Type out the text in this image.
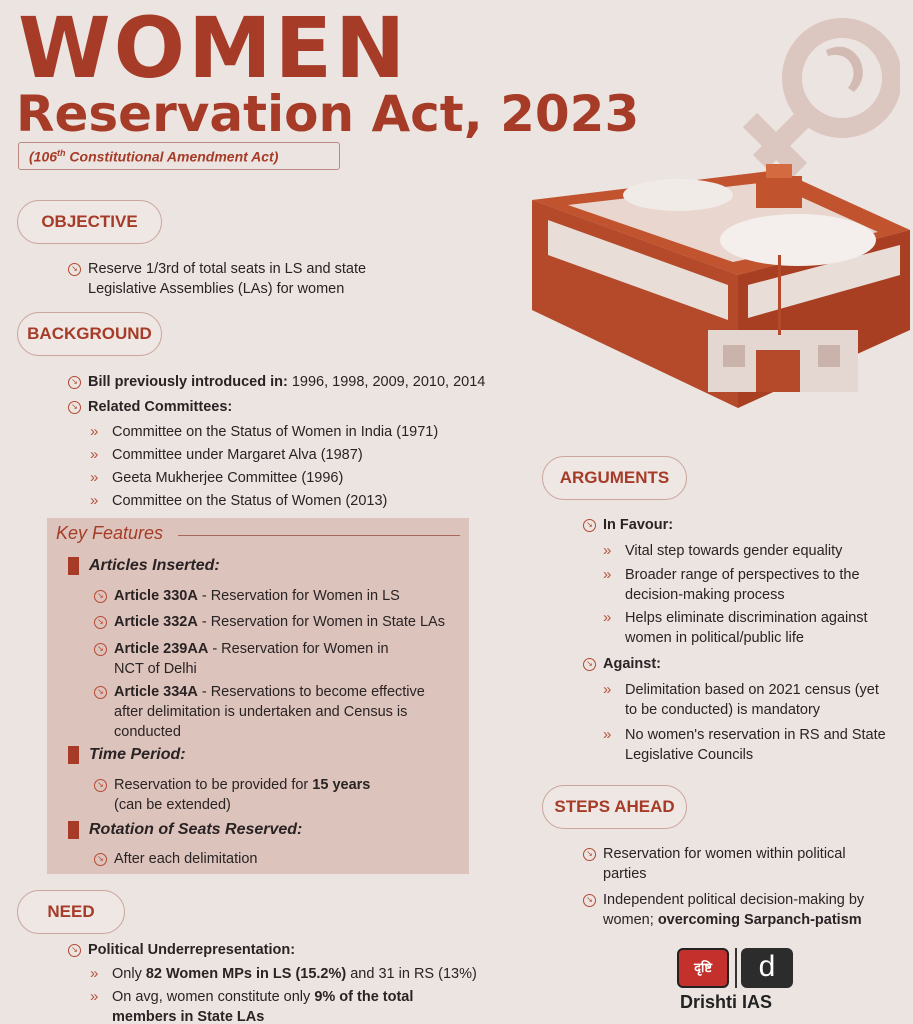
WOMEN
Reservation Act, 2023
(106th Constitutional Amendment Act)
OBJECTIVE
↘ Reserve 1/3rd of total seats in LS and state
Legislative Assemblies (LAs) for women
BACKGROUND
↘ Bill previously introduced in: 1996, 1998, 2009, 2010, 2014
↘ Related Committees:
» Committee on the Status of Women in India (1971)
» Committee under Margaret Alva (1987)
» Geeta Mukherjee Committee (1996)
» Committee on the Status of Women (2013)
Key Features
Articles Inserted:
↘ Article 330A - Reservation for Women in LS
↘ Article 332A - Reservation for Women in State LAs
↘ Article 239AA - Reservation for Women in
NCT of Delhi
↘ Article 334A - Reservations to become effective
after delimitation is undertaken and Census is
conducted
Time Period:
↘ Reservation to be provided for 15 years
(can be extended)
Rotation of Seats Reserved:
↘ After each delimitation
NEED
↘ Political Underrepresentation:
» Only 82 Women MPs in LS (15.2%) and 31 in RS (13%)
» On avg, women constitute only 9% of the total
members in State LAs
ARGUMENTS
↘ In Favour:
» Vital step towards gender equality
» Broader range of perspectives to the
decision-making process
» Helps eliminate discrimination against
women in political/public life
↘ Against:
» Delimitation based on 2021 census (yet
to be conducted) is mandatory
» No women's reservation in RS and State
Legislative Councils
STEPS AHEAD
↘ Reservation for women within political
parties
↘ Independent political decision-making by
women; overcoming Sarpanch-patism
दृष्टि	d
Drishti IAS
